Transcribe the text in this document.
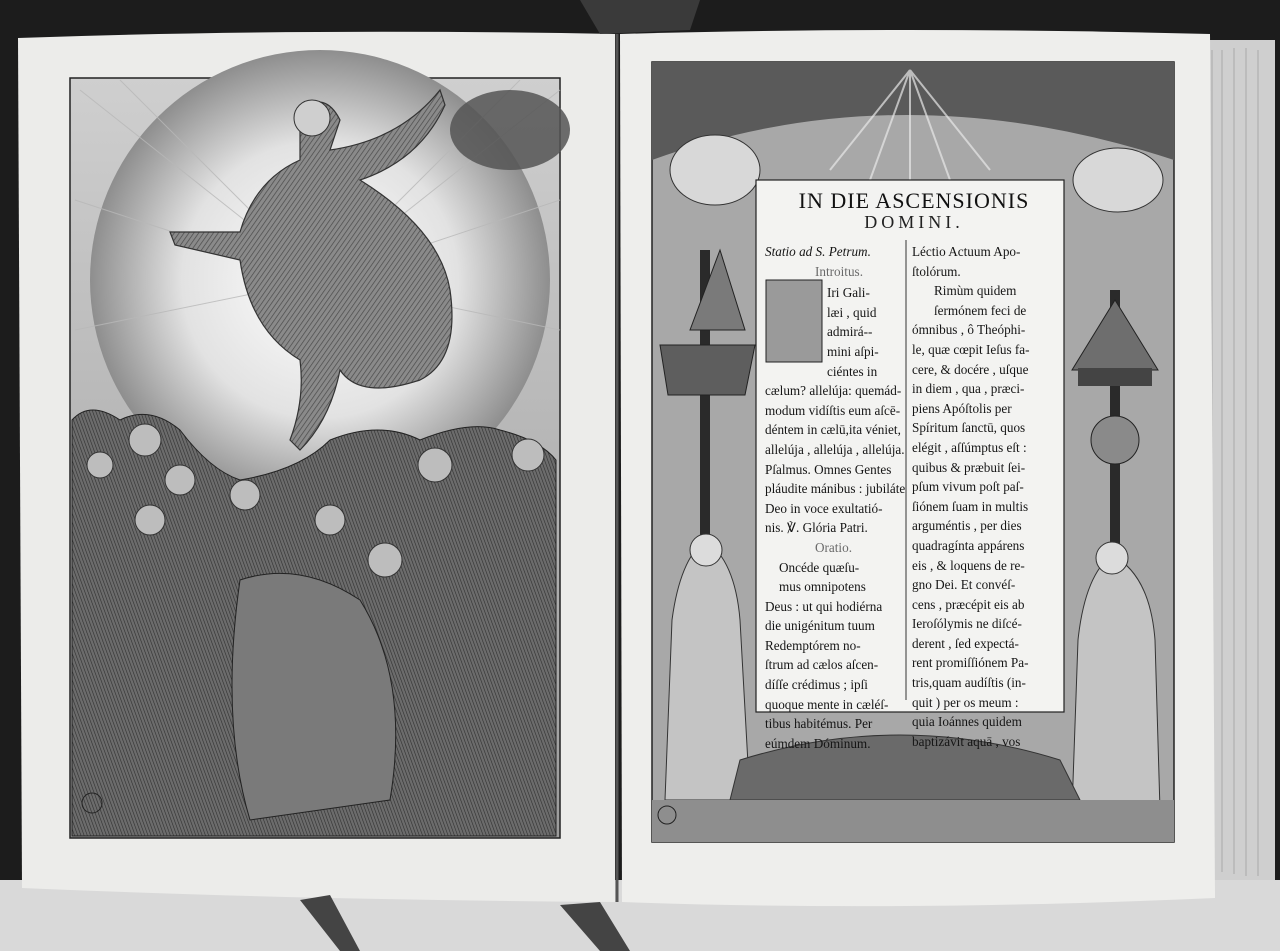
IN DIE ASCENSIONIS
DOMINI.
Statio ad S. Petrum.
Introitus.
Iri Gali-
læi , quid
admirá--
mini aſpi-
ciéntes in
cælum? allelúja: quemád-
modum vidíſtis eum aſcē-
déntem in cælū,ita véniet,
allelúja , allelúja , allelúja.
Pſalmus. Omnes Gentes
pláudite mánibus : jubiláte
Deo in voce exultatió-
nis. ℣. Glória Patri.
Oratio.
Oncéde quæſu-
mus omnipotens
Deus : ut qui hodiérna
die unigénitum tuum
Redemptórem no-
ſtrum ad cælos aſcen-
díſſe crédimus ; ipſi
quoque mente in cæléſ-
tibus habitémus. Per
eúmdem Dóminum.
Léctio Actuum Apo-
ſtolórum.
Rimùm quidem
ſermónem feci de
ómnibus , ô Theóphi-
le, quæ cœpit Ieſus fa-
cere, & docére , uſque
in diem , qua , præci-
piens Apóſtolis per
Spíritum ſanctū, quos
elégit , aſſúmptus eſt :
quibus & præbuit ſei-
pſum vivum poſt paſ-
ſiónem ſuam in multis
arguméntis , per dies
quadragínta appárens
eis , & loquens de re-
gno Dei. Et convéſ-
cens , præcépit eis ab
Ieroſólymis ne diſcé-
derent , ſed expectá-
rent promiſſiónem Pa-
tris,quam audíſtis (in-
quit ) per os meum :
quia Ioánnes quidem
baptizávit aquā , vos
